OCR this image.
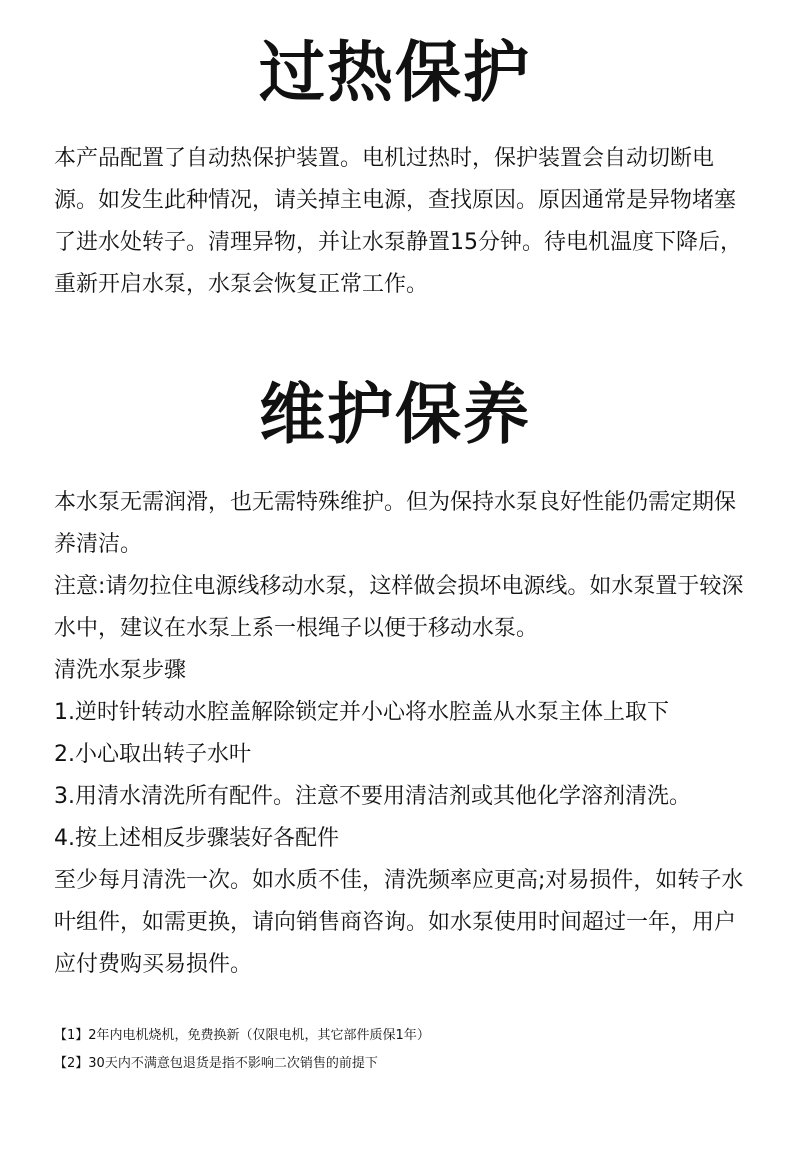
过热保护

本产品配置了自动热保护装置。电机过热时，保护装置会自动切断电源。如发生此种情况，请关掉主电源，查找原因。原因通常是异物堵塞了进水处转子。清理异物，并让水泵静置15分钟。待电机温度下降后，重新开启水泵，水泵会恢复正常工作。

维护保养

本水泵无需润滑，也无需特殊维护。但为保持水泵良好性能仍需定期保养清洁。

注意:请勿拉住电源线移动水泵，这样做会损坏电源线。如水泵置于较深水中，建议在水泵上系一根绳子以便于移动水泵。

清洗水泵步骤

1.逆时针转动水腔盖解除锁定并小心将水腔盖从水泵主体上取下

2.小心取出转子水叶

3.用清水清洗所有配件。注意不要用清洁剂或其他化学溶剂清洗。

4.按上述相反步骤装好各配件

至少每月清洗一次。如水质不佳，清洗频率应更高;对易损件，如转子水叶组件，如需更换，请向销售商咨询。如水泵使用时间超过一年，用户应付费购买易损件。

【1】2年内电机烧机，免费换新（仅限电机，其它部件质保1年）

【2】30天内不满意包退货是指不影响二次销售的前提下
